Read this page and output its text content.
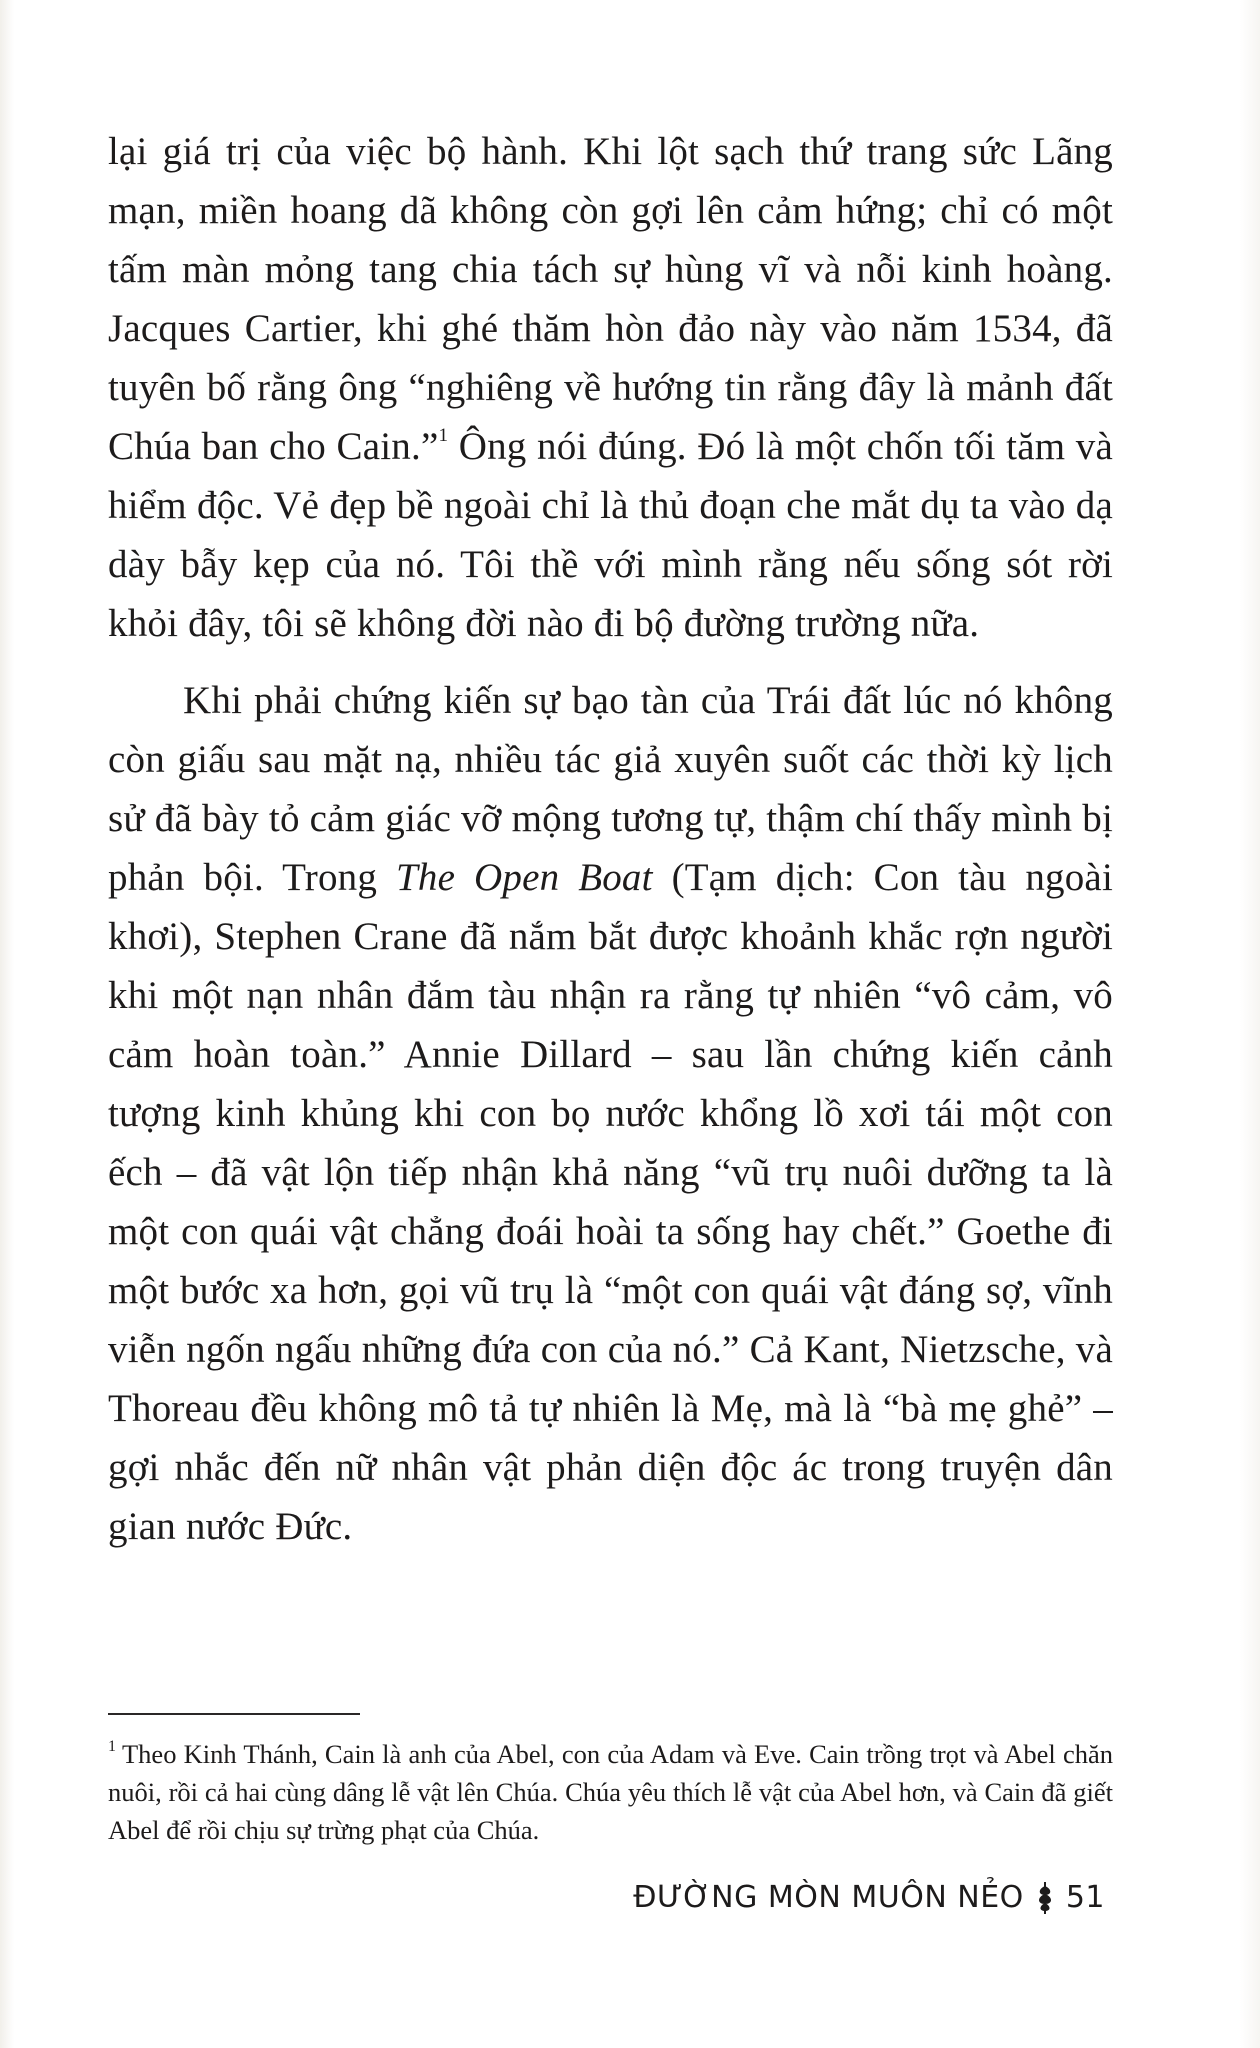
lại giá trị của việc bộ hành. Khi lột sạch thứ trang sức Lãng mạn, miền hoang dã không còn gợi lên cảm hứng; chỉ có một tấm màn mỏng tang chia tách sự hùng vĩ và nỗi kinh hoàng. Jacques Cartier, khi ghé thăm hòn đảo này vào năm 1534, đã tuyên bố rằng ông “nghiêng về hướng tin rằng đây là mảnh đất Chúa ban cho Cain.”$^1$ Ông nói đúng. Đó là một chốn tối tăm và hiểm độc. Vẻ đẹp bề ngoài chỉ là thủ đoạn che mắt dụ ta vào dạ dày bẫy kẹp của nó. Tôi thề với mình rằng nếu sống sót rời khỏi đây, tôi sẽ không đời nào đi bộ đường trường nữa.

Khi phải chứng kiến sự bạo tàn của Trái đất lúc nó không còn giấu sau mặt nạ, nhiều tác giả xuyên suốt các thời kỳ lịch sử đã bày tỏ cảm giác vỡ mộng tương tự, thậm chí thấy mình bị phản bội. Trong The Open Boat (Tạm dịch: Con tàu ngoài khơi), Stephen Crane đã nắm bắt được khoảnh khắc rợn người khi một nạn nhân đắm tàu nhận ra rằng tự nhiên “vô cảm, vô cảm hoàn toàn.” Annie Dillard – sau lần chứng kiến cảnh tượng kinh khủng khi con bọ nước khổng lồ xơi tái một con ếch – đã vật lộn tiếp nhận khả năng “vũ trụ nuôi dưỡng ta là một con quái vật chẳng đoái hoài ta sống hay chết.” Goethe đi một bước xa hơn, gọi vũ trụ là “một con quái vật đáng sợ, vĩnh viễn ngốn ngấu những đứa con của nó.” Cả Kant, Nietzsche, và Thoreau đều không mô tả tự nhiên là Mẹ, mà là “bà mẹ ghẻ” – gợi nhắc đến nữ nhân vật phản diện độc ác trong truyện dân gian nước Đức.

$^1$ Theo Kinh Thánh, Cain là anh của Abel, con của Adam và Eve. Cain trồng trọt và Abel chăn nuôi, rồi cả hai cùng dâng lễ vật lên Chúa. Chúa yêu thích lễ vật của Abel hơn, và Cain đã giết Abel để rồi chịu sự trừng phạt của Chúa.

ĐƯỜNG MÒN MUÔN NẺO 51
